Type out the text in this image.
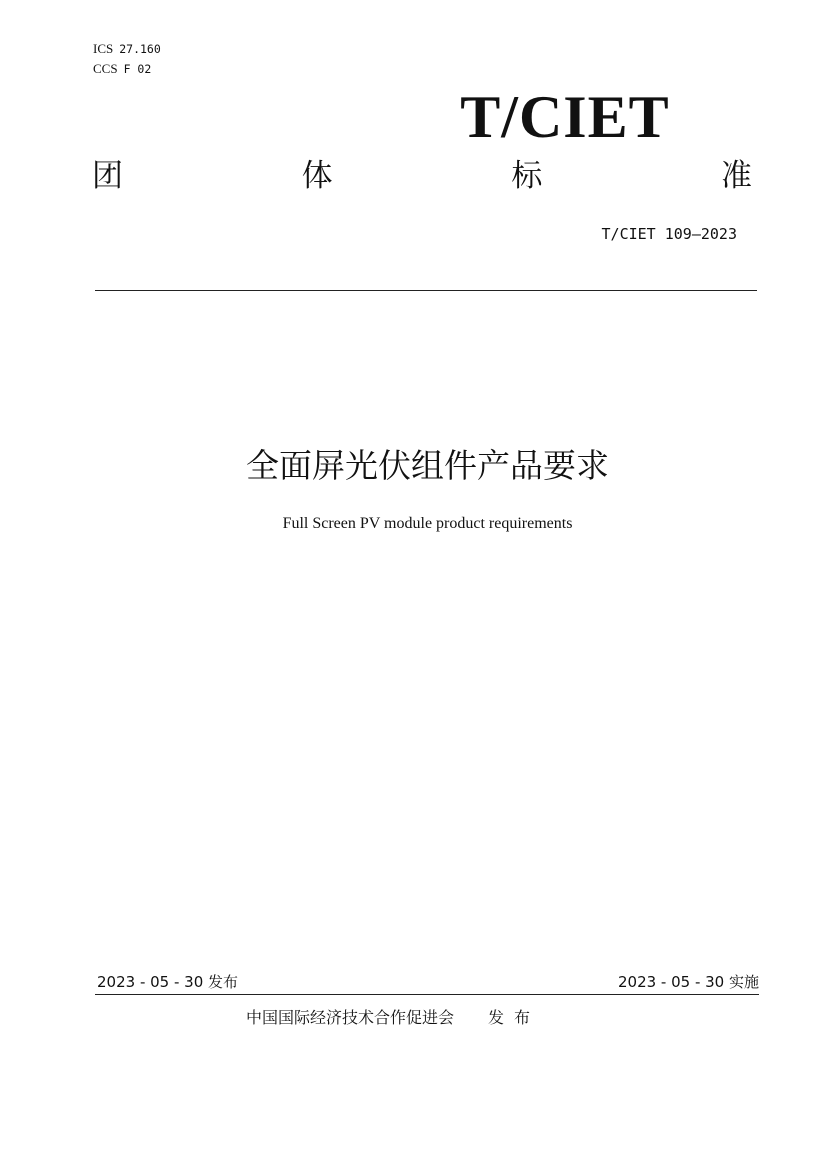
ICS 27.160
CCS F 02
T/CIET
团	体	标	准
T/CIET 109—2023
全面屏光伏组件产品要求
Full Screen PV module product requirements
2023 - 05 - 30 发布	2023 - 05 - 30 实施
中国国际经济技术合作促进会 发布
